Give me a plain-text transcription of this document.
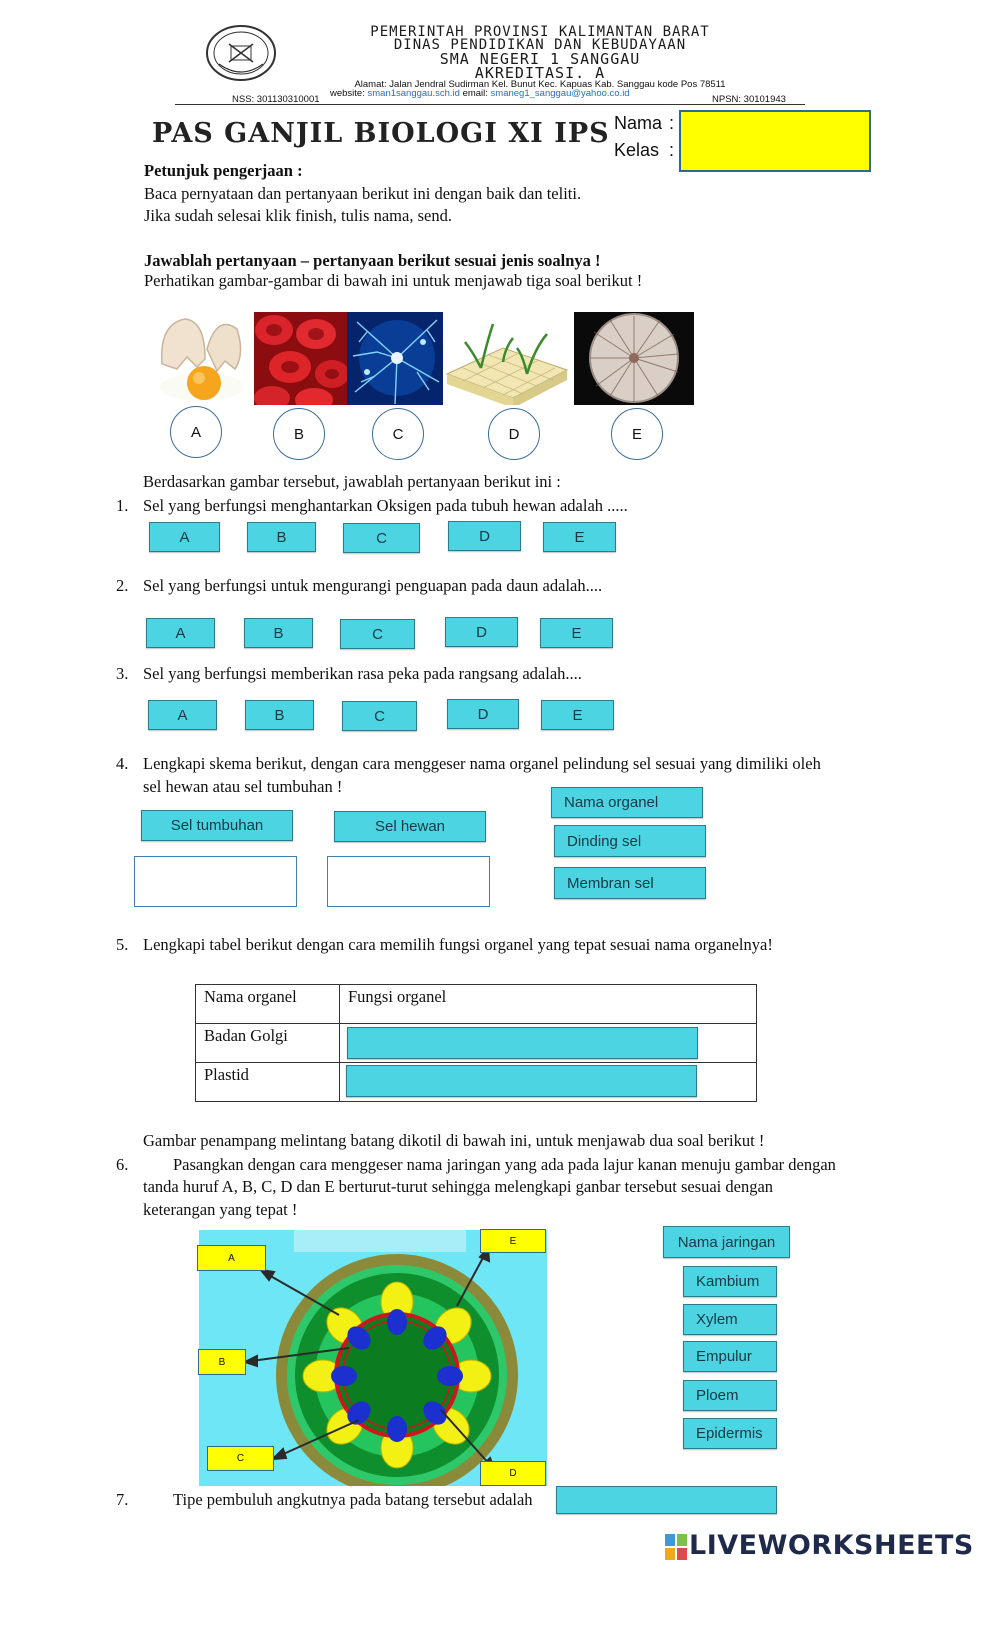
PEMERINTAH PROVINSI KALIMANTAN BARAT
DINAS PENDIDIKAN DAN KEBUDAYAAN
SMA NEGERI 1 SANGGAU
AKREDITASI. A
Alamat: Jalan Jendral Sudirman Kel. Bunut Kec. Kapuas Kab. Sanggau kode Pos 78511
website: sman1sanggau.sch.id email: smaneg1_sanggau@yahoo.co.id
NSS: 301130310001	NPSN: 30101943
PAS GANJIL BIOLOGI XI IPS Nama :
Kelas :
Petunjuk pengerjaan :
Baca pernyataan dan pertanyaan berikut ini dengan baik dan teliti.
Jika sudah selesai klik finish, tulis nama, send.
Jawablah pertanyaan – pertanyaan berikut sesuai jenis soalnya !
Perhatikan gambar-gambar di bawah ini untuk menjawab tiga soal berikut !
A	B	C	D	E
Berdasarkan gambar tersebut, jawablah pertanyaan berikut ini :
1. Sel yang berfungsi menghantarkan Oksigen pada tubuh hewan adalah .....
A	B	C	D	E
2. Sel yang berfungsi untuk mengurangi penguapan pada daun adalah....
A	B	C	D	E
3. Sel yang berfungsi memberikan rasa peka pada rangsang adalah....
A	B	C	D	E
4. Lengkapi skema berikut, dengan cara menggeser nama organel pelindung sel sesuai yang dimiliki oleh
sel hewan atau sel tumbuhan !
Sel tumbuhan	Sel hewan
Nama organel
Dinding sel
Membran sel
5. Lengkapi tabel berikut dengan cara memilih fungsi organel yang tepat sesuai nama organelnya!
Nama organel	Fungsi organel
Badan Golgi	
Plastid	
Gambar penampang melintang batang dikotil di bawah ini, untuk menjawab dua soal berikut !
6.	Pasangkan dengan cara menggeser nama jaringan yang ada pada lajur kanan menuju gambar dengan
tanda huruf A, B, C, D dan E berturut-turut sehingga melengkapi ganbar tersebut sesuai dengan
keterangan yang tepat !
A
E
B
C
D
Nama jaringan
Kambium
Xylem
Empulur
Ploem
Epidermis
7.	Tipe pembuluh angkutnya pada batang tersebut adalah
LIVEWORKSHEETS
